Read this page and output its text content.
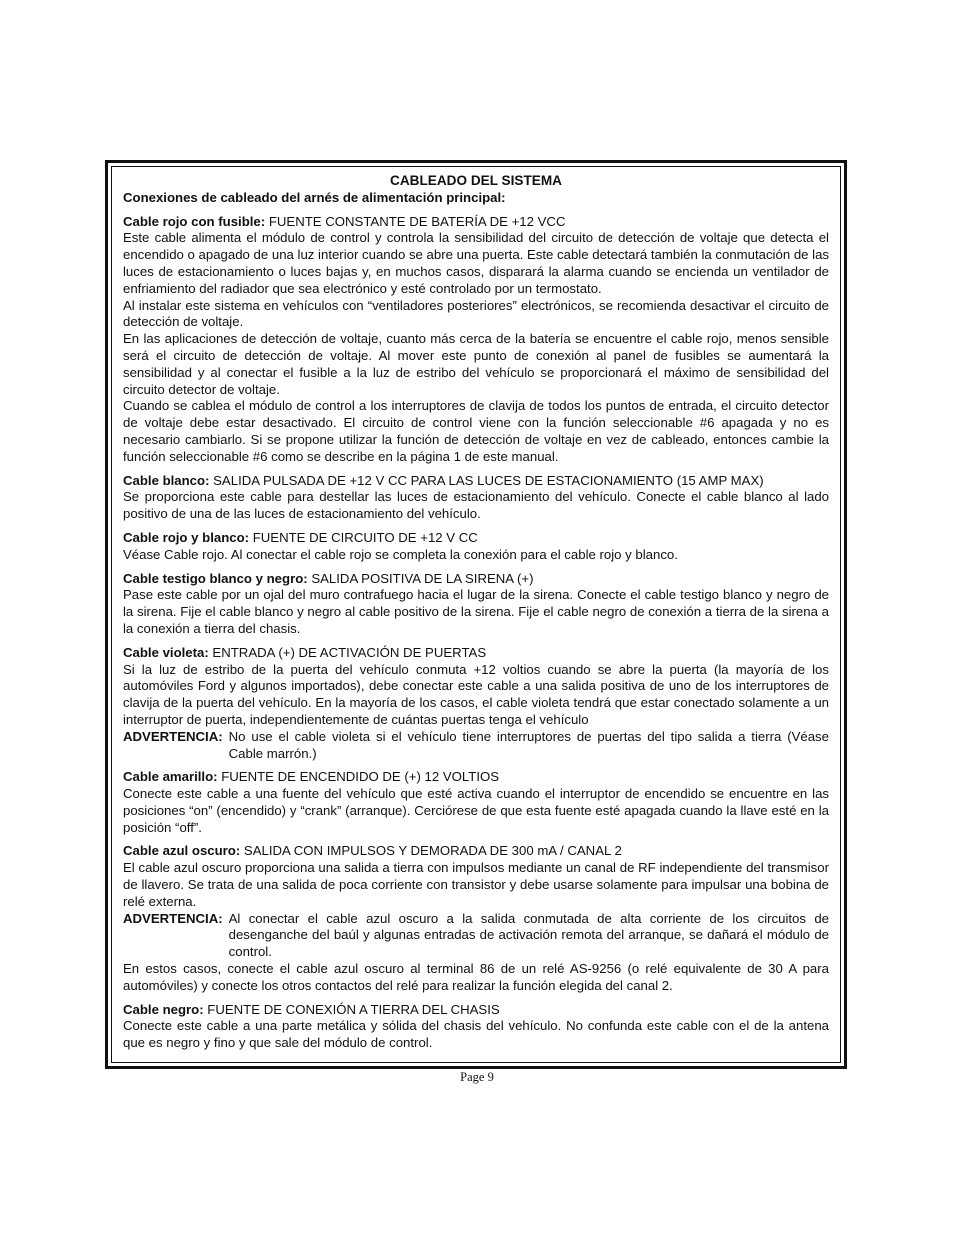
CABLEADO DEL SISTEMA

Conexiones de cableado del arnés de alimentación principal:

Cable rojo con fusible: FUENTE CONSTANTE DE BATERÍA DE +12 VCC

Este cable alimenta el módulo de control y controla la sensibilidad del circuito de detección de voltaje que detecta el encendido o apagado de una luz interior cuando se abre una puerta. Este cable detectará también la conmutación de las luces de estacionamiento o luces bajas y, en muchos casos, disparará la alarma cuando se encienda un ventilador de enfriamiento del radiador que sea electrónico y esté controlado por un termostato.

Al instalar este sistema en vehículos con “ventiladores posteriores” electrónicos, se recomienda desactivar el circuito de detección de voltaje.

En las aplicaciones de detección de voltaje, cuanto más cerca de la batería se encuentre el cable rojo, menos sensible será el circuito de detección de voltaje. Al mover este punto de conexión al panel de fusibles se aumentará la sensibilidad y al conectar el fusible a la luz de estribo del vehículo se proporcionará el máximo de sensibilidad del circuito detector de voltaje.

Cuando se cablea el módulo de control a los interruptores de clavija de todos los puntos de entrada, el circuito detector de voltaje debe estar desactivado. El circuito de control viene con la función seleccionable #6 apagada y no es necesario cambiarlo. Si se propone utilizar la función de detección de voltaje en vez de cableado, entonces cambie la función seleccionable #6 como se describe en la página 1 de este manual.

Cable blanco: SALIDA PULSADA DE +12 V CC PARA LAS LUCES DE ESTACIONAMIENTO (15 AMP MAX)

Se proporciona este cable para destellar las luces de estacionamiento del vehículo. Conecte el cable blanco al lado positivo de una de las luces de estacionamiento del vehículo.

Cable rojo y blanco: FUENTE DE CIRCUITO DE +12 V CC

Véase Cable rojo. Al conectar el cable rojo se completa la conexión para el cable rojo y blanco.

Cable testigo blanco y negro: SALIDA POSITIVA DE LA SIRENA (+)

Pase este cable por un ojal del muro contrafuego hacia el lugar de la sirena. Conecte el cable testigo blanco y negro de la sirena. Fije el cable blanco y negro al cable positivo de la sirena. Fije el cable negro de conexión a tierra de la sirena a la conexión a tierra del chasis.

Cable violeta: ENTRADA (+) DE ACTIVACIÓN DE PUERTAS

Si la luz de estribo de la puerta del vehículo conmuta +12 voltios cuando se abre la puerta (la mayoría de los automóviles Ford y algunos importados), debe conectar este cable a una salida positiva de uno de los interruptores de clavija de la puerta del vehículo. En la mayoría de los casos, el cable violeta tendrá que estar conectado solamente a un interruptor de puerta, independientemente de cuántas puertas tenga el vehículo

ADVERTENCIA: No use el cable violeta si el vehículo tiene interruptores de puertas del tipo salida a tierra (Véase Cable marrón.)

Cable amarillo: FUENTE DE ENCENDIDO DE (+) 12 VOLTIOS

Conecte este cable a una fuente del vehículo que esté activa cuando el interruptor de encendido se encuentre en las posiciones “on” (encendido) y “crank” (arranque). Cerciórese de que esta fuente esté apagada cuando la llave esté en la posición “off”.

Cable azul oscuro: SALIDA CON IMPULSOS Y DEMORADA DE 300 mA / CANAL 2

El cable azul oscuro proporciona una salida a tierra con impulsos mediante un canal de RF independiente del transmisor de llavero. Se trata de una salida de poca corriente con transistor y debe usarse solamente para impulsar una bobina de relé externa.

ADVERTENCIA: Al conectar el cable azul oscuro a la salida conmutada de alta corriente de los circuitos de desenganche del baúl y algunas entradas de activación remota del arranque, se dañará el módulo de control.

En estos casos, conecte el cable azul oscuro al terminal 86 de un relé AS-9256 (o relé equivalente de 30 A para automóviles) y conecte los otros contactos del relé para realizar la función elegida del canal 2.

Cable negro: FUENTE DE CONEXIÓN A TIERRA DEL CHASIS

Conecte este cable a una parte metálica y sólida del chasis del vehículo. No confunda este cable con el de la antena que es negro y fino y que sale del módulo de control.

Page 9
